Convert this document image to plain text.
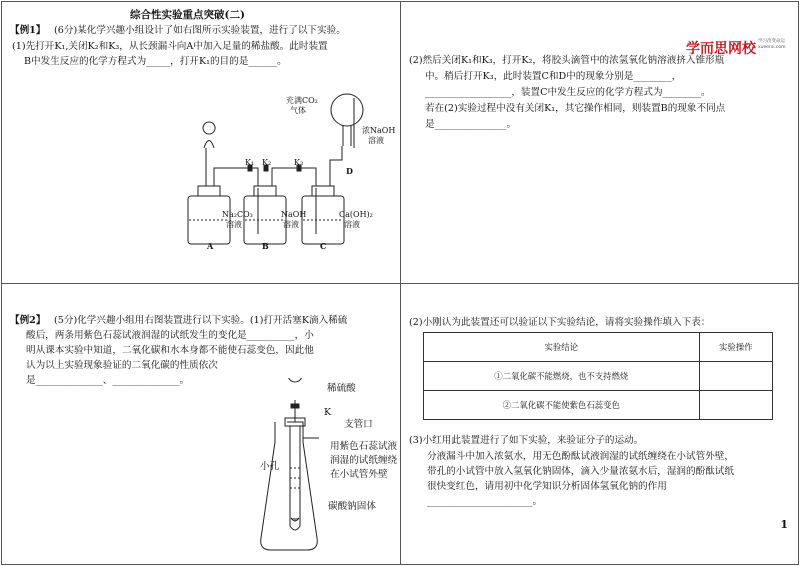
综合性实验重点突破(二)
【例1】 (6分)某化学兴趣小组设计了如右图所示实验装置，进行了以下实验。
(1)先打开K₁,关闭K₂和K₃，从长颈漏斗向A中加入足量的稀盐酸。此时装置
B中发生反应的化学方程式为_____，打开K₁的目的是______。
充满CO₂
气体
浓NaOH
溶液
D
K₁ K₂	K₃
Na₂CO₃
溶液
NaOH
溶液
Ca(OH)₂
溶液
A	B	C
学而思网校 学习改变命运 xueersi.com
(2)然后关闭K₁和K₃，打开K₂，将胶头滴管中的浓氢氧化钠溶液挤入锥形瓶
中。稍后打开K₃，此时装置C和D中的现象分别是________，
__________________，装置C中发生反应的化学方程式为________。
若在(2)实验过程中没有关闭K₁，其它操作相同，则装置B的现象不同点
是_______________。
【例2】 (5分)化学兴趣小组用右图装置进行以下实验。(1)打开活塞K滴入稀硫
酸后，两条用紫色石蕊试液润湿的试纸发生的变化是__________，小
明从课本实验中知道，二氧化碳和水本身都不能使石蕊变色，因此他
认为以上实验现象验证的二氧化碳的性质依次
是______________、______________。
稀硫酸
K
支管口
用紫色石蕊试液
润湿的试纸缠绕
在小试管外壁
小孔
碳酸钠固体
(2)小刚认为此装置还可以验证以下实验结论，请将实验操作填入下表：
实验结论	实验操作
①二氧化碳不能燃烧，也不支持燃烧	
②二氧化碳不能使紫色石蕊变色	
(3)小红用此装置进行了如下实验，来验证分子的运动。
分液漏斗中加入浓氨水，用无色酚酞试液润湿的试纸缠绕在小试管外壁，
带孔的小试管中放入氢氧化钠固体，滴入少量浓氨水后，湿润的酚酞试纸
很快变红色，请用初中化学知识分析固体氢氧化钠的作用
______________________。
1
